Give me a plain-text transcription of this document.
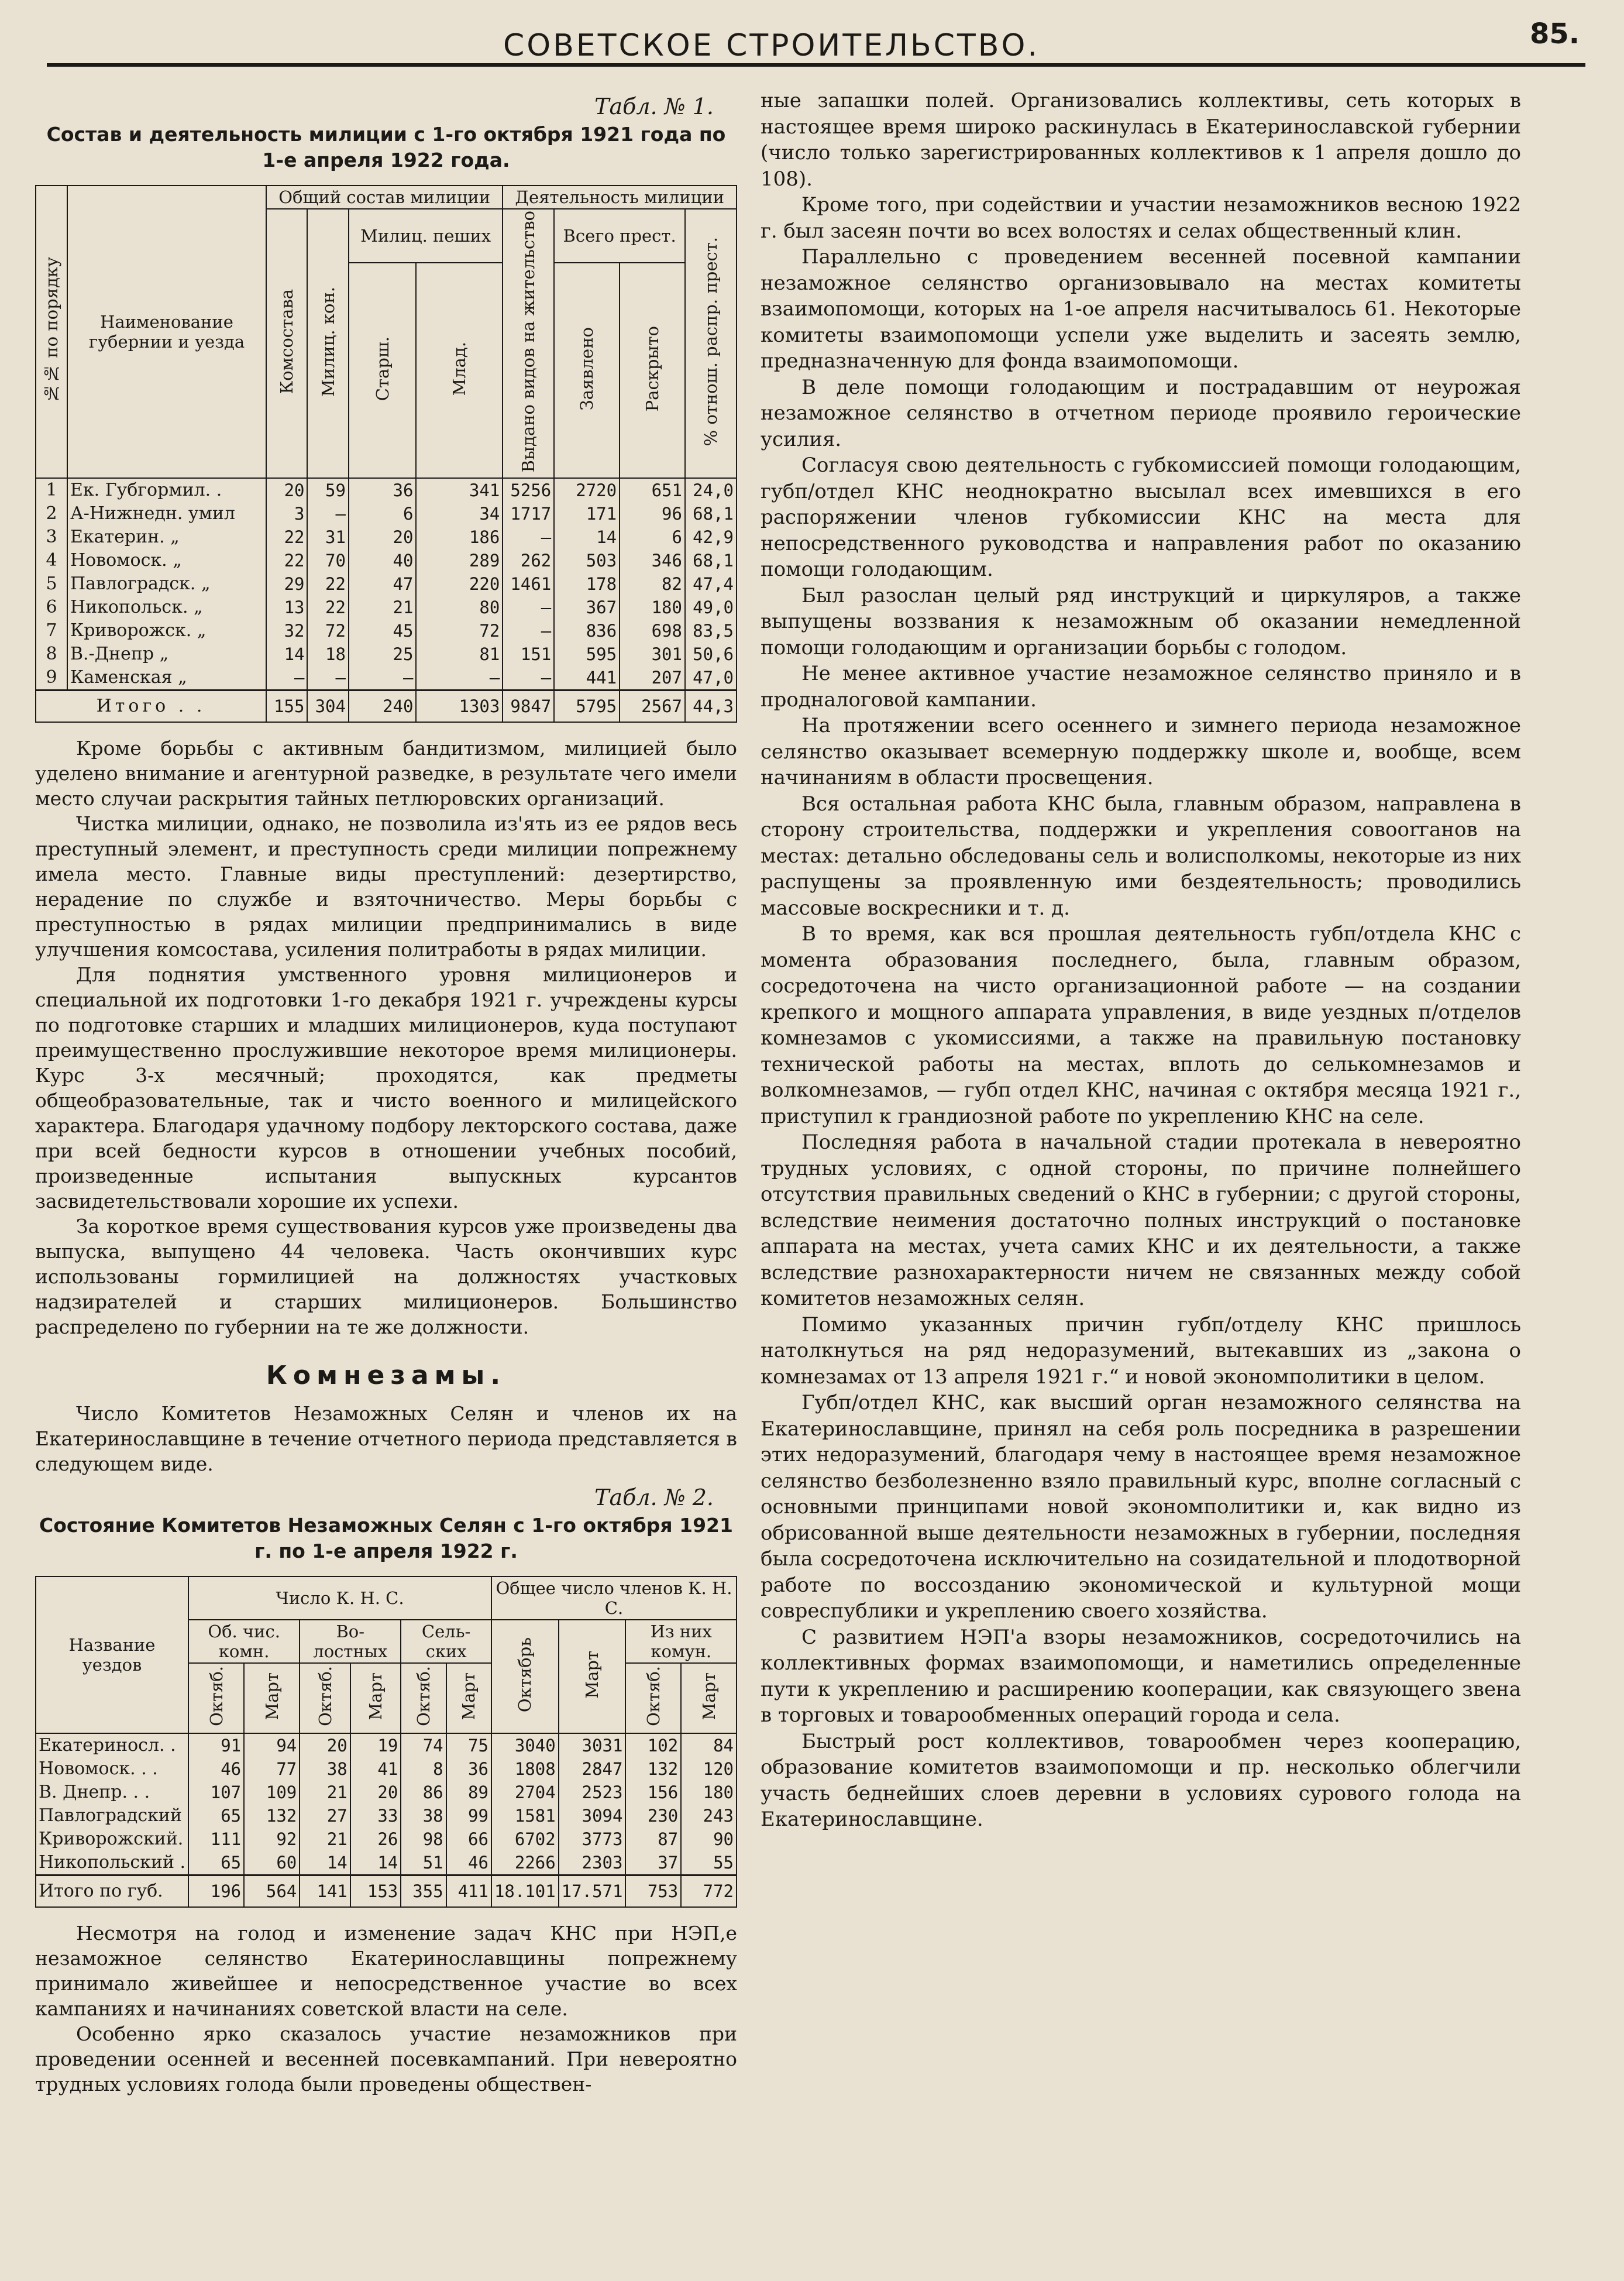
СОВЕТСКОЕ СТРОИТЕЛЬСТВО.	85.
Табл. № 1.
Состав и деятельность милиции с 1-го октября 1921 года по 1-е апреля 1922 года.
№№ по порядку	Наименование губернии и уезда	Общий состав милиции				Деятельность милиции			
		Комсостава	Милиц. кон.	Милиц. пеших		Выдано видов на жительство	Всего прест.		% отнош. распр. прест.
				Старш.	Млад.		Заявлено	Раскрыто	
1	Ек. Губгормил. .	20	59	36	341	5256	2720	651	24,0
2	А-Нижнедн. умил	3	—	6	34	1717	171	96	68,1
3	Екатерин. „	22	31	20	186	—	14	6	42,9
4	Новомоск. „	22	70	40	289	262	503	346	68,1
5	Павлоградск. „	29	22	47	220	1461	178	82	47,4
6	Никопольск. „	13	22	21	80	—	367	180	49,0
7	Криворожск. „	32	72	45	72	—	836	698	83,5
8	В.-Днепр „	14	18	25	81	151	595	301	50,6
9	Каменская „	—	—	—	—	—	441	207	47,0
Итого . .		155	304	240	1303	9847	5795	2567	44,3

Кроме борьбы с активным бандитизмом, милицией было уделено внимание и агентурной разведке, в результате чего имели место случаи раскрытия тайных петлюровских организаций.

Чистка милиции, однако, не позволила из'ять из ее рядов весь преступный элемент, и преступность среди милиции попрежнему имела место. Главные виды преступлений: дезертирство, нерадение по службе и взяточничество. Меры борьбы с преступностью в рядах милиции предпринимались в виде улучшения комсостава, усиления политработы в рядах милиции.

Для поднятия умственного уровня милиционеров и специальной их подготовки 1-го декабря 1921 г. учреждены курсы по подготовке старших и младших милиционеров, куда поступают преимущественно прослужившие некоторое время милиционеры. Курс 3-х месячный; проходятся, как предметы общеобразовательные, так и чисто военного и милицейского характера. Благодаря удачному подбору лекторского состава, даже при всей бедности курсов в отношении учебных пособий, произведенные испытания выпускных курсантов засвидетельствовали хорошие их успехи.

За короткое время существования курсов уже произведены два выпуска, выпущено 44 человека. Часть окончивших курс использованы гормилицией на должностях участковых надзирателей и старших милиционеров. Большинство распределено по губернии на те же должности.

Комнезамы.

Число Комитетов Незаможных Селян и членов их на Екатеринославщине в течение отчетного периода представляется в следующем виде.

Табл. № 2.
Состояние Комитетов Незаможных Селян с 1-го октября 1921 г. по 1-е апреля 1922 г.
Название уездов	Число К. Н. С.						Общее число членов К. Н. С.			
	Об. чис. комн.		Во- лостных		Сель- ских		Октябрь	Март	Из них комун.	
	Октяб.	Март	Октяб.	Март	Октяб.	Март			Октяб.	Март
Екатериносл. .	91	94	20	19	74	75	3040	3031	102	84
Новомоск. . .	46	77	38	41	8	36	1808	2847	132	120
В. Днепр. . .	107	109	21	20	86	89	2704	2523	156	180
Павлоградский	65	132	27	33	38	99	1581	3094	230	243
Криворожский.	111	92	21	26	98	66	6702	3773	87	90
Никопольский .	65	60	14	14	51	46	2266	2303	37	55
Итого по губ.	196	564	141	153	355	411	18.101	17.571	753	772

Несмотря на голод и изменение задач КНС при НЭП,е незаможное селянство Екатеринославщины попрежнему принимало живейшее и непосредственное участие во всех кампаниях и начинаниях советской власти на селе.

Особенно ярко сказалось участие незаможников при проведении осенней и весенней посевкампаний. При невероятно трудных условиях голода были проведены обществен-

ные запашки полей. Организовались коллективы, сеть которых в настоящее время широко раскинулась в Екатеринославской губернии (число только зарегистрированных коллективов к 1 апреля дошло до 108).

Кроме того, при содействии и участии незаможников весною 1922 г. был засеян почти во всех волостях и селах общественный клин.

Параллельно с проведением весенней посевной кампании незаможное селянство организовывало на местах комитеты взаимопомощи, которых на 1-ое апреля насчитывалось 61. Некоторые комитеты взаимопомощи успели уже выделить и засеять землю, предназначенную для фонда взаимопомощи.

В деле помощи голодающим и пострадавшим от неурожая незаможное селянство в отчетном периоде проявило героические усилия.

Согласуя свою деятельность с губкомиссией помощи голодающим, губп/отдел КНС неоднократно высылал всех имевшихся в его распоряжении членов губкомиссии КНС на места для непосредственного руководства и направления работ по оказанию помощи голодающим.

Был разослан целый ряд инструкций и циркуляров, а также выпущены воззвания к незаможным об оказании немедленной помощи голодающим и организации борьбы с голодом.

Не менее активное участие незаможное селянство приняло и в продналоговой кампании.

На протяжении всего осеннего и зимнего периода незаможное селянство оказывает всемерную поддержку школе и, вообще, всем начинаниям в области просвещения.

Вся остальная работа КНС была, главным образом, направлена в сторону строительства, поддержки и укрепления совоorганов на местах: детально обследованы сель и волисполкомы, некоторые из них распущены за проявленную ими бездеятельность; проводились массовые воскресники и т. д.

В то время, как вся прошлая деятельность губп/отдела КНС с момента образования последнего, была, главным образом, сосредоточена на чисто организационной работе — на создании крепкого и мощного аппарата управления, в виде уездных п/отделов комнезамов с укомиссиями, а также на правильную постановку технической работы на местах, вплоть до селькомнезамов и волкомнезамов, — губп отдел КНС, начиная с октября месяца 1921 г., приступил к грандиозной работе по укреплению КНС на селе.

Последняя работа в начальной стадии протекала в невероятно трудных условиях, с одной стороны, по причине полнейшего отсутствия правильных сведений о КНС в губернии; с другой стороны, вследствие неимения достаточно полных инструкций о постановке аппарата на местах, учета самих КНС и их деятельности, а также вследствие разнохарактерности ничем не связанных между собой комитетов незаможных селян.

Помимо указанных причин губп/отделу КНС пришлось натолкнуться на ряд недоразумений, вытекавших из „закона о комнезамах от 13 апреля 1921 г.“ и новой экономполитики в целом.

Губп/отдел КНС, как высший орган незаможного селянства на Екатеринославщине, принял на себя роль посредника в разрешении этих недоразумений, благодаря чему в настоящее время незаможное селянство безболезненно взяло правильный курс, вполне согласный с основными принципами новой экономполитики и, как видно из обрисованной выше деятельности незаможных в губернии, последняя была сосредоточена исключительно на созидательной и плодотворной работе по воссозданию экономической и культурной мощи совреспублики и укреплению своего хозяйства.

С развитием НЭП'а взоры незаможников, сосредоточились на коллективных формах взаимопомощи, и наметились определенные пути к укреплению и расширению кооперации, как связующего звена в торговых и товарообменных операций города и села.

Быстрый рост коллективов, товарообмен через кооперацию, образование комитетов взаимопомощи и пр. несколько облегчили участь беднейших слоев деревни в условиях сурового голода на Екатеринославщине.
